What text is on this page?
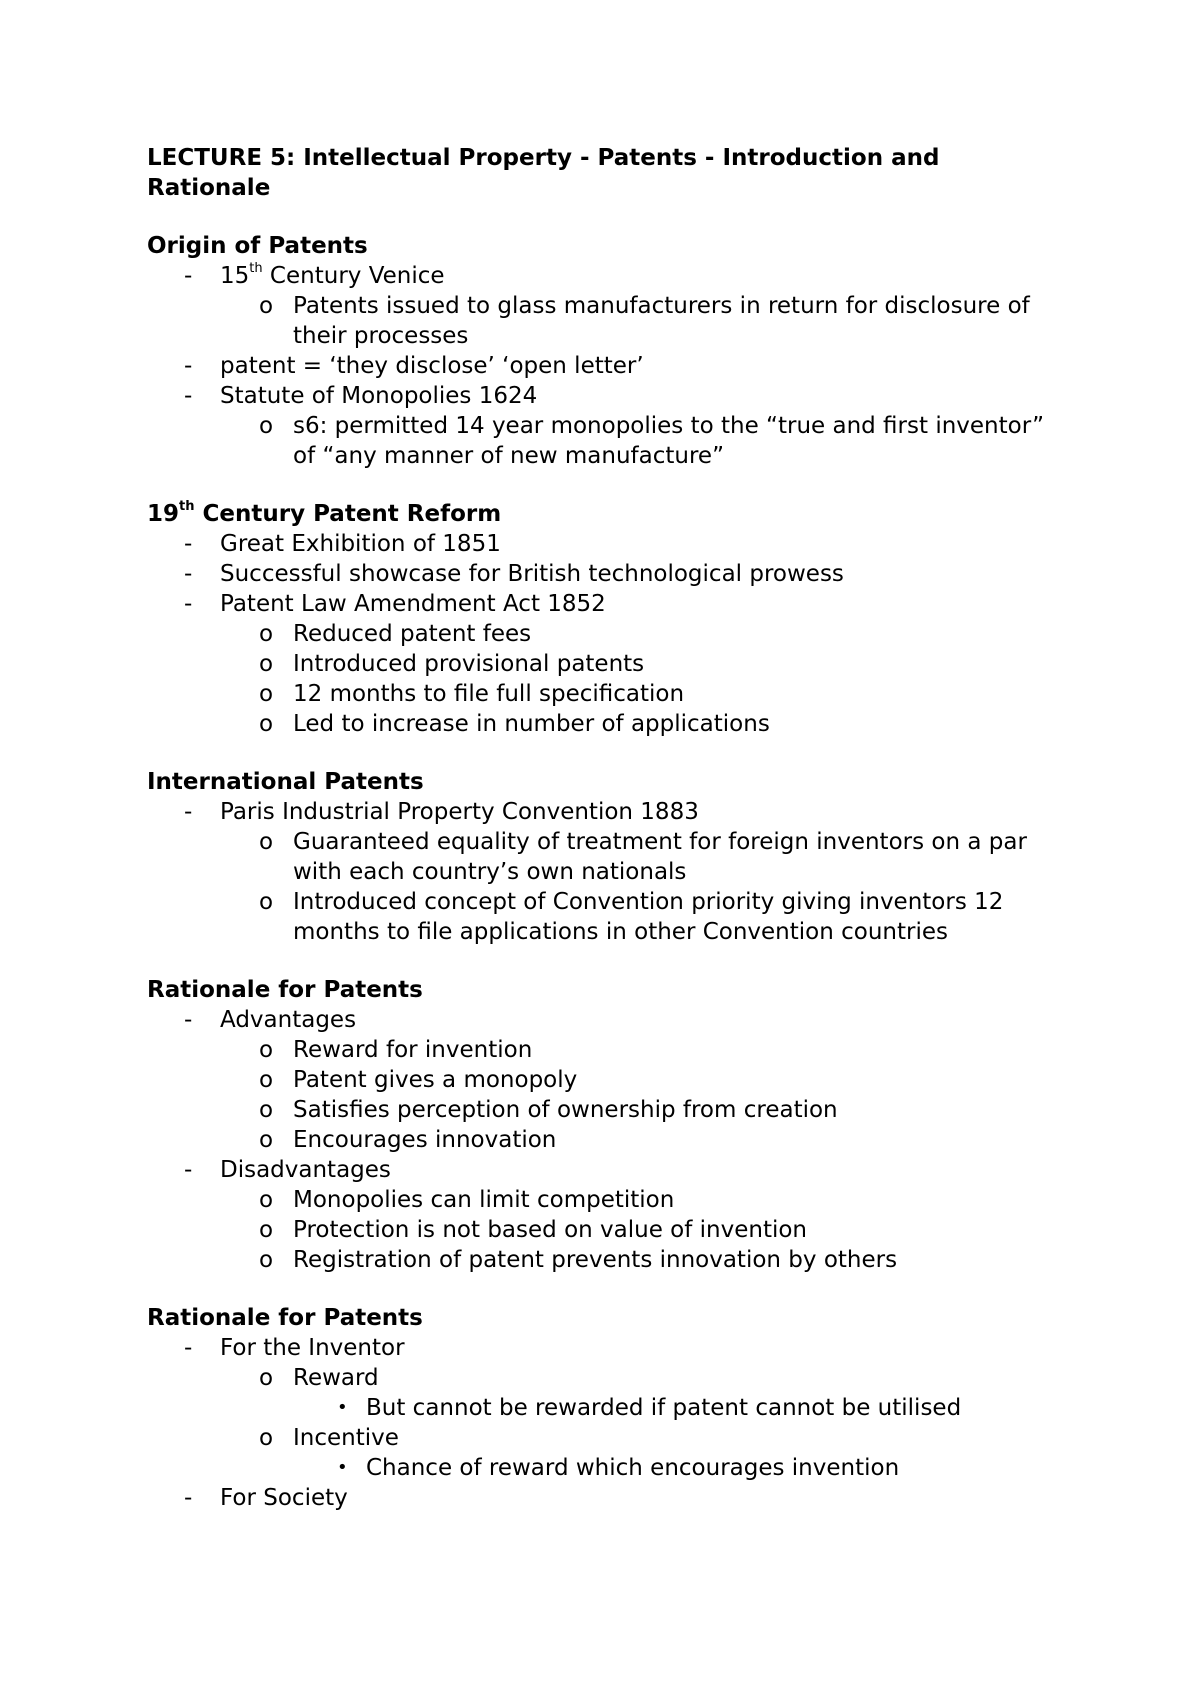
LECTURE 5: Intellectual Property - Patents - Introduction and Rationale
Origin of Patents
- 15th Century Venice
o Patents issued to glass manufacturers in return for disclosure of their processes
- patent = ‘they disclose’ ‘open letter’
- Statute of Monopolies 1624
o s6: permitted 14 year monopolies to the “true and first inventor” of “any manner of new manufacture”
19th Century Patent Reform
- Great Exhibition of 1851
- Successful showcase for British technological prowess
- Patent Law Amendment Act 1852
o Reduced patent fees
o Introduced provisional patents
o 12 months to file full specification
o Led to increase in number of applications
International Patents
- Paris Industrial Property Convention 1883
o Guaranteed equality of treatment for foreign inventors on a par with each country’s own nationals
o Introduced concept of Convention priority giving inventors 12 months to file applications in other Convention countries
Rationale for Patents
- Advantages
o Reward for invention
o Patent gives a monopoly
o Satisfies perception of ownership from creation
o Encourages innovation
- Disadvantages
o Monopolies can limit competition
o Protection is not based on value of invention
o Registration of patent prevents innovation by others
Rationale for Patents
- For the Inventor
o Reward
• But cannot be rewarded if patent cannot be utilised
o Incentive
• Chance of reward which encourages invention
- For Society
